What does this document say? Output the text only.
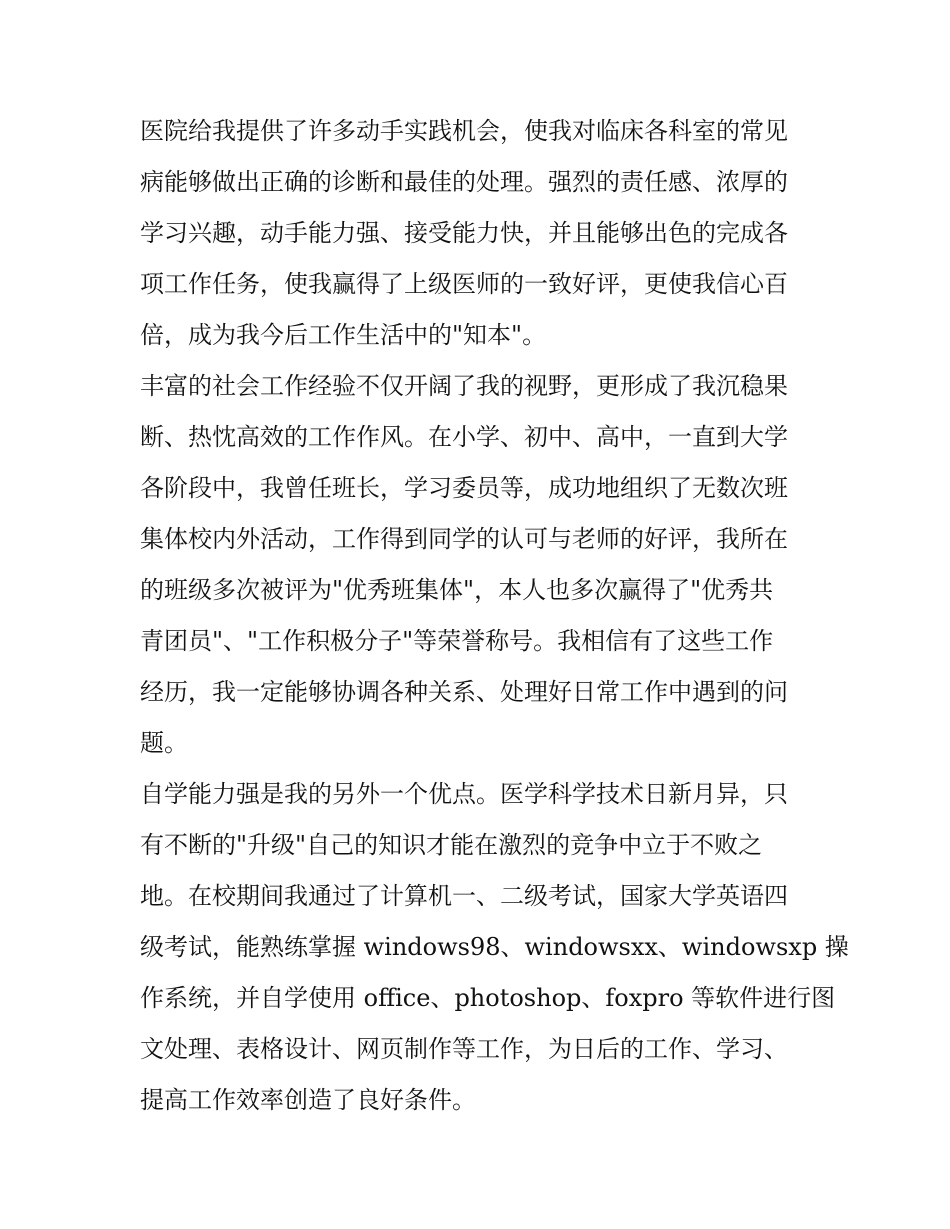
医院给我提供了许多动手实践机会，使我对临床各科室的常见
病能够做出正确的诊断和最佳的处理。强烈的责任感、浓厚的
学习兴趣，动手能力强、接受能力快，并且能够出色的完成各
项工作任务，使我赢得了上级医师的一致好评，更使我信心百
倍，成为我今后工作生活中的"知本"。
丰富的社会工作经验不仅开阔了我的视野，更形成了我沉稳果
断、热忱高效的工作作风。在小学、初中、高中，一直到大学
各阶段中，我曾任班长，学习委员等，成功地组织了无数次班
集体校内外活动，工作得到同学的认可与老师的好评，我所在
的班级多次被评为"优秀班集体"，本人也多次赢得了"优秀共
青团员"、"工作积极分子"等荣誉称号。我相信有了这些工作
经历，我一定能够协调各种关系、处理好日常工作中遇到的问
题。
自学能力强是我的另外一个优点。医学科学技术日新月异，只
有不断的"升级"自己的知识才能在激烈的竞争中立于不败之
地。在校期间我通过了计算机一、二级考试，国家大学英语四
级考试，能熟练掌握 windows98、windowsxx、windowsxp 操
作系统，并自学使用 office、photoshop、foxpro 等软件进行图
文处理、表格设计、网页制作等工作，为日后的工作、学习、
提高工作效率创造了良好条件。
